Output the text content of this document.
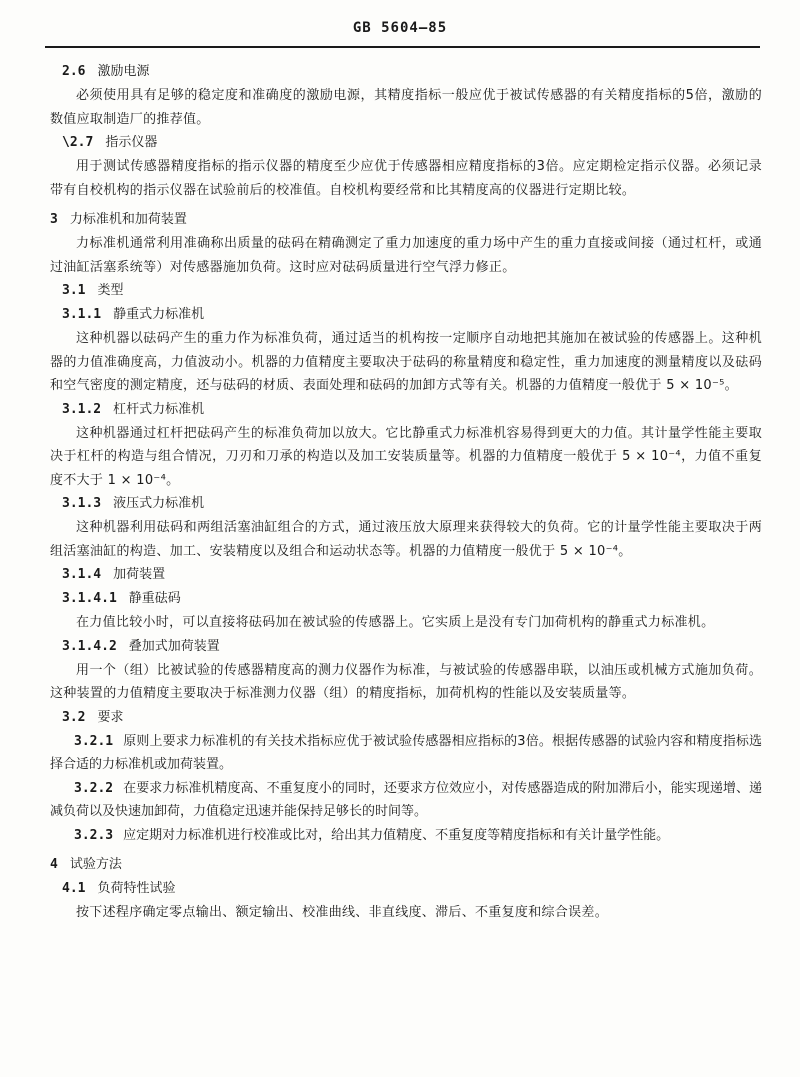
GB 5604—85
2.6 激励电源

必须使用具有足够的稳定度和准确度的激励电源，其精度指标一般应优于被试传感器的有关精度指标的5倍，激励的数值应取制造厂的推荐值。

\2.7 指示仪器

用于测试传感器精度指标的指示仪器的精度至少应优于传感器相应精度指标的3倍。应定期检定指示仪器。必须记录带有自校机构的指示仪器在试验前后的校准值。自校机构要经常和比其精度高的仪器进行定期比较。

3 力标准机和加荷装置

力标准机通常利用准确称出质量的砝码在精确测定了重力加速度的重力场中产生的重力直接或间接（通过杠杆，或通过油缸活塞系统等）对传感器施加负荷。这时应对砝码质量进行空气浮力修正。

3.1 类型
3.1.1 静重式力标准机

这种机器以砝码产生的重力作为标准负荷，通过适当的机构按一定顺序自动地把其施加在被试验的传感器上。这种机器的力值准确度高，力值波动小。机器的力值精度主要取决于砝码的称量精度和稳定性，重力加速度的测量精度以及砝码和空气密度的测定精度，还与砝码的材质、表面处理和砝码的加卸方式等有关。机器的力值精度一般优于 5 × 10⁻⁵。

3.1.2 杠杆式力标准机

这种机器通过杠杆把砝码产生的标准负荷加以放大。它比静重式力标准机容易得到更大的力值。其计量学性能主要取决于杠杆的构造与组合情况，刀刃和刀承的构造以及加工安装质量等。机器的力值精度一般优于 5 × 10⁻⁴，力值不重复度不大于 1 × 10⁻⁴。

3.1.3 液压式力标准机

这种机器利用砝码和两组活塞油缸组合的方式，通过液压放大原理来获得较大的负荷。它的计量学性能主要取决于两组活塞油缸的构造、加工、安装精度以及组合和运动状态等。机器的力值精度一般优于 5 × 10⁻⁴。

3.1.4 加荷装置
3.1.4.1 静重砝码

在力值比较小时，可以直接将砝码加在被试验的传感器上。它实质上是没有专门加荷机构的静重式力标准机。

3.1.4.2 叠加式加荷装置

用一个（组）比被试验的传感器精度高的测力仪器作为标准，与被试验的传感器串联，以油压或机械方式施加负荷。这种装置的力值精度主要取决于标准测力仪器（组）的精度指标，加荷机构的性能以及安装质量等。

3.2 要求
3.2.1 原则上要求力标准机的有关技术指标应优于被试验传感器相应指标的3倍。根据传感器的试验内容和精度指标选择合适的力标准机或加荷装置。
3.2.2 在要求力标准机精度高、不重复度小的同时，还要求方位效应小，对传感器造成的附加滞后小，能实现递增、递减负荷以及快速加卸荷，力值稳定迅速并能保持足够长的时间等。
3.2.3 应定期对力标准机进行校准或比对，给出其力值精度、不重复度等精度指标和有关计量学性能。
4 试验方法
4.1 负荷特性试验

按下述程序确定零点输出、额定输出、校准曲线、非直线度、滞后、不重复度和综合误差。
